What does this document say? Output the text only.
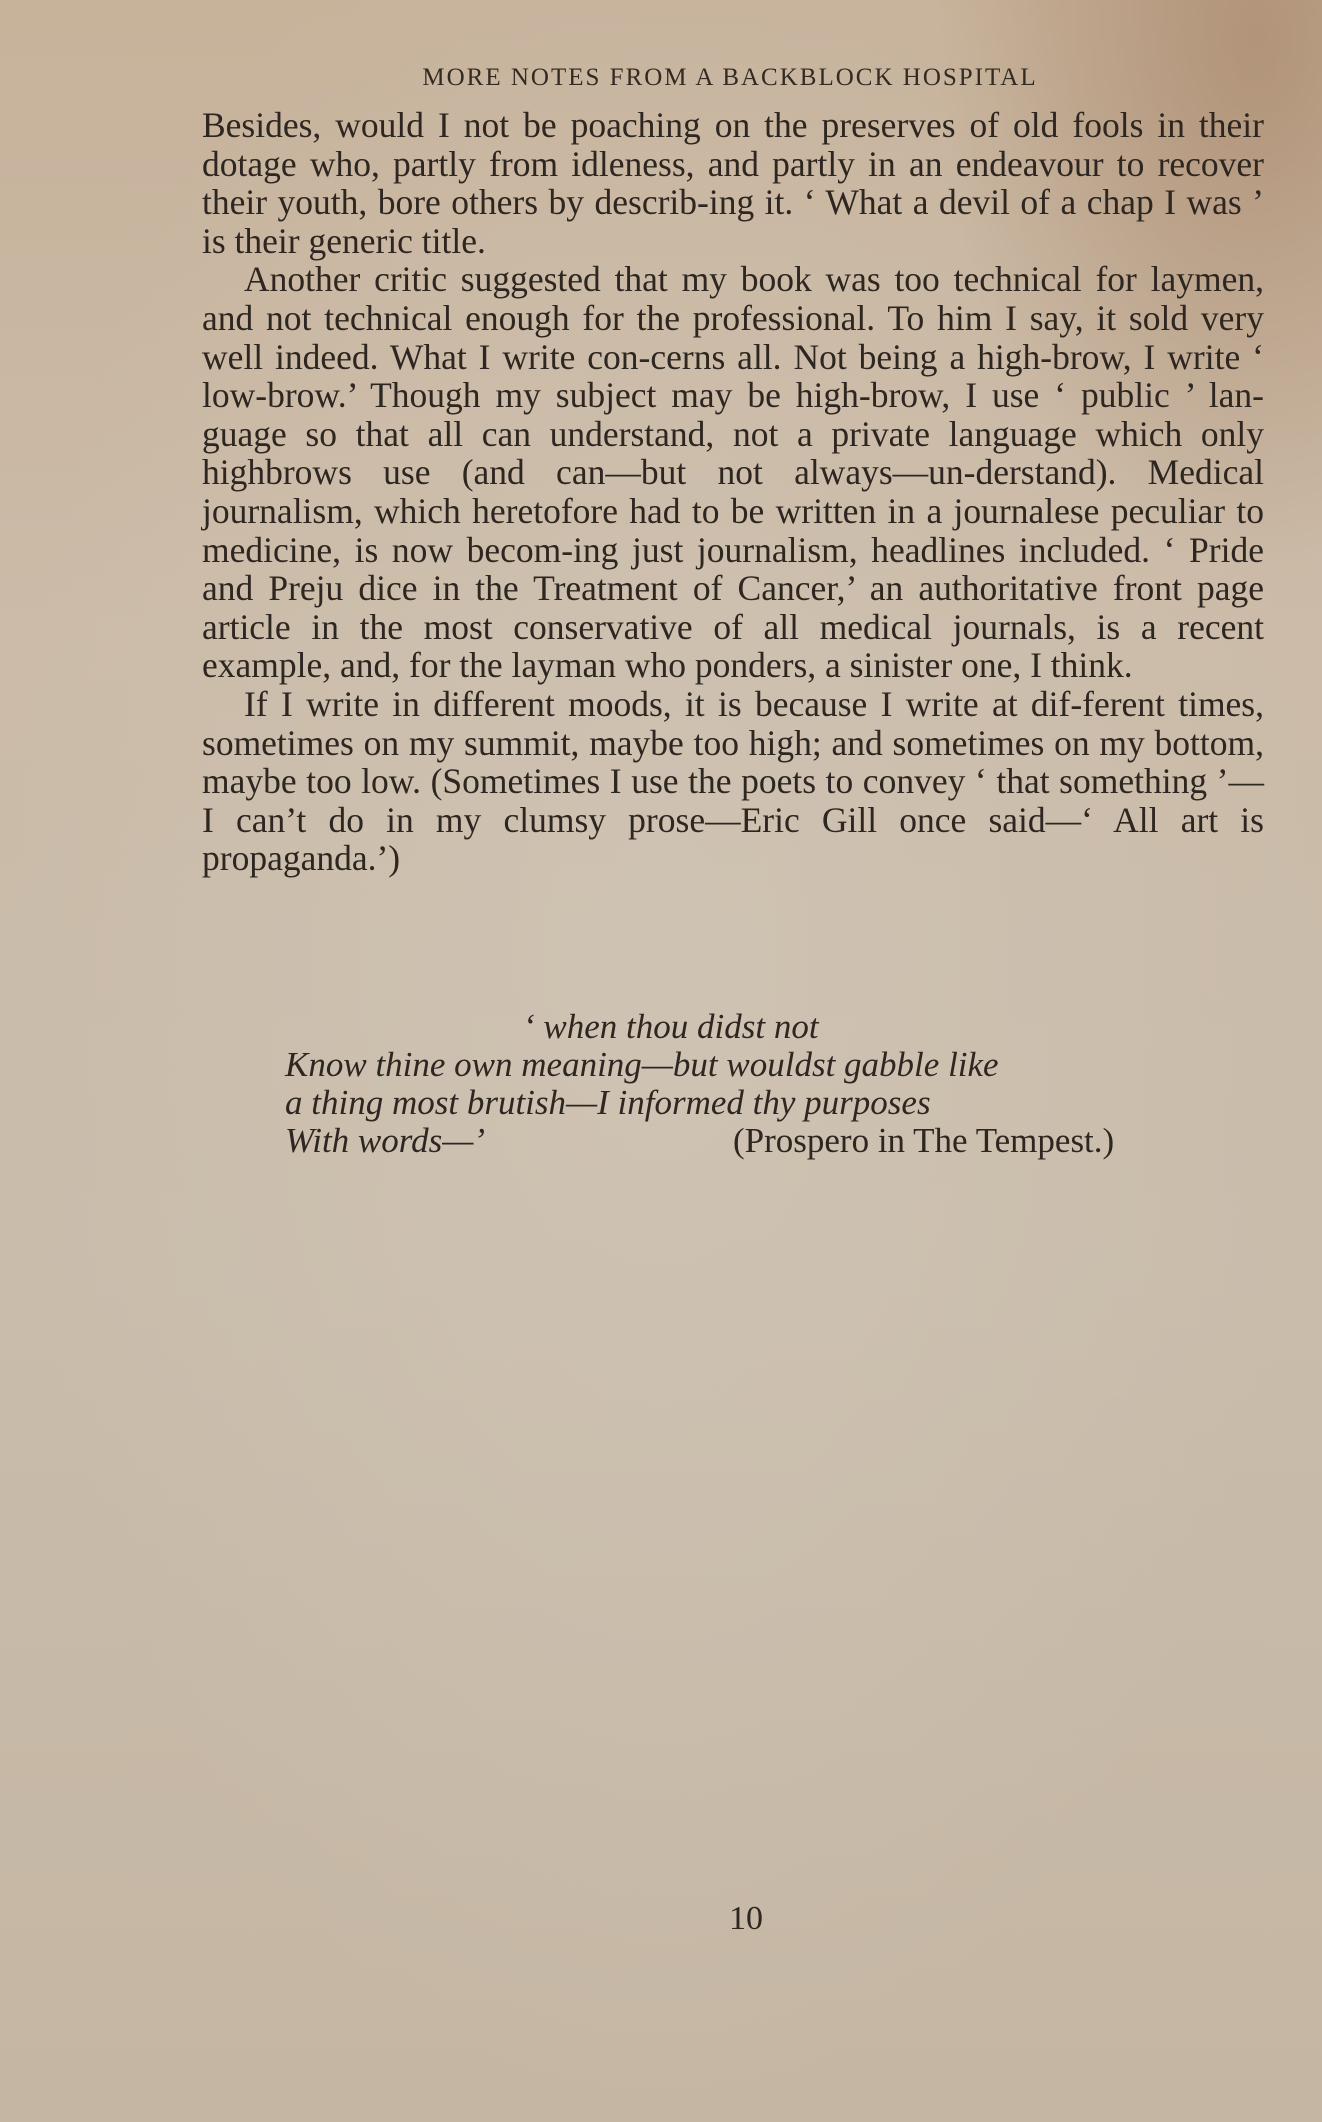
MORE NOTES FROM A BACKBLOCK HOSPITAL

Besides, would I not be poaching on the preserves of old fools in their dotage who, partly from idleness, and partly in an endeavour to recover their youth, bore others by describ-ing it. ‘ What a devil of a chap I was ’ is their generic title.

Another critic suggested that my book was too technical for laymen, and not technical enough for the professional. To him I say, it sold very well indeed. What I write con-cerns all. Not being a high-brow, I write ‘ low-brow.’ Though my subject may be high-brow, I use ‘ public ’ lan-guage so that all can understand, not a private language which only highbrows use (and can—but not always—un-derstand). Medical journalism, which heretofore had to be written in a journalese peculiar to medicine, is now becom-ing just journalism, headlines included. ‘ Pride and Preju dice in the Treatment of Cancer,’ an authoritative front page article in the most conservative of all medical journals, is a recent example, and, for the layman who ponders, a sinister one, I think.

If I write in different moods, it is because I write at dif-ferent times, sometimes on my summit, maybe too high; and sometimes on my bottom, maybe too low. (Sometimes I use the poets to convey ‘ that something ’—I can’t do in my clumsy prose—Eric Gill once said—‘ All art is propaganda.’)

‘ when thou didst not
Know thine own meaning—but wouldst gabble like
a thing most brutish—I informed thy purposes
With words—’	(Prospero in The Tempest.)
10
